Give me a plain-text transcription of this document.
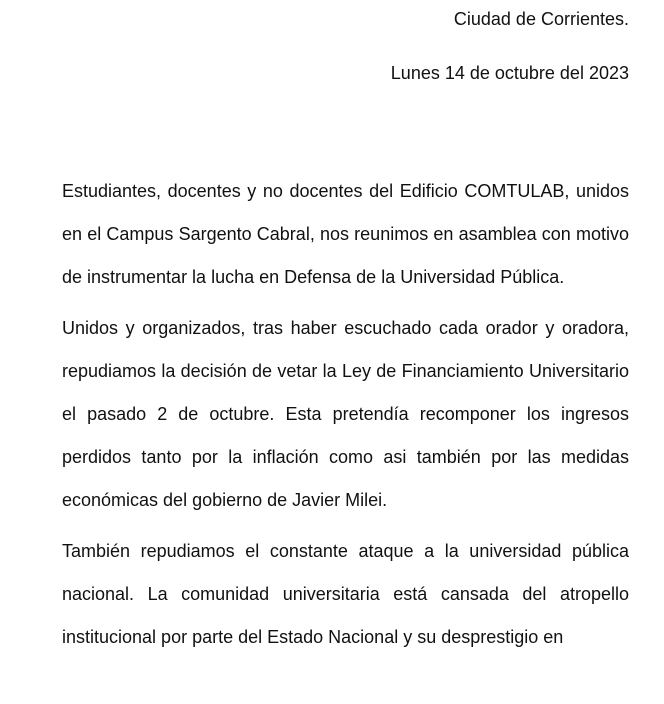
Ciudad de Corrientes.
Lunes 14 de octubre del 2023

Estudiantes, docentes y no docentes del Edificio COMTULAB, unidos en el Campus Sargento Cabral, nos reunimos en asamblea con motivo de instrumentar la lucha en Defensa de la Universidad Pública.

Unidos y organizados, tras haber escuchado cada orador y oradora, repudiamos la decisión de vetar la Ley de Financiamiento Universitario el pasado 2 de octubre. Esta pretendía recomponer los ingresos perdidos tanto por la inflación como asi también por las medidas económicas del gobierno de Javier Milei.

También repudiamos el constante ataque a la universidad pública nacional. La comunidad universitaria está cansada del atropello institucional por parte del Estado Nacional y su desprestigio en
